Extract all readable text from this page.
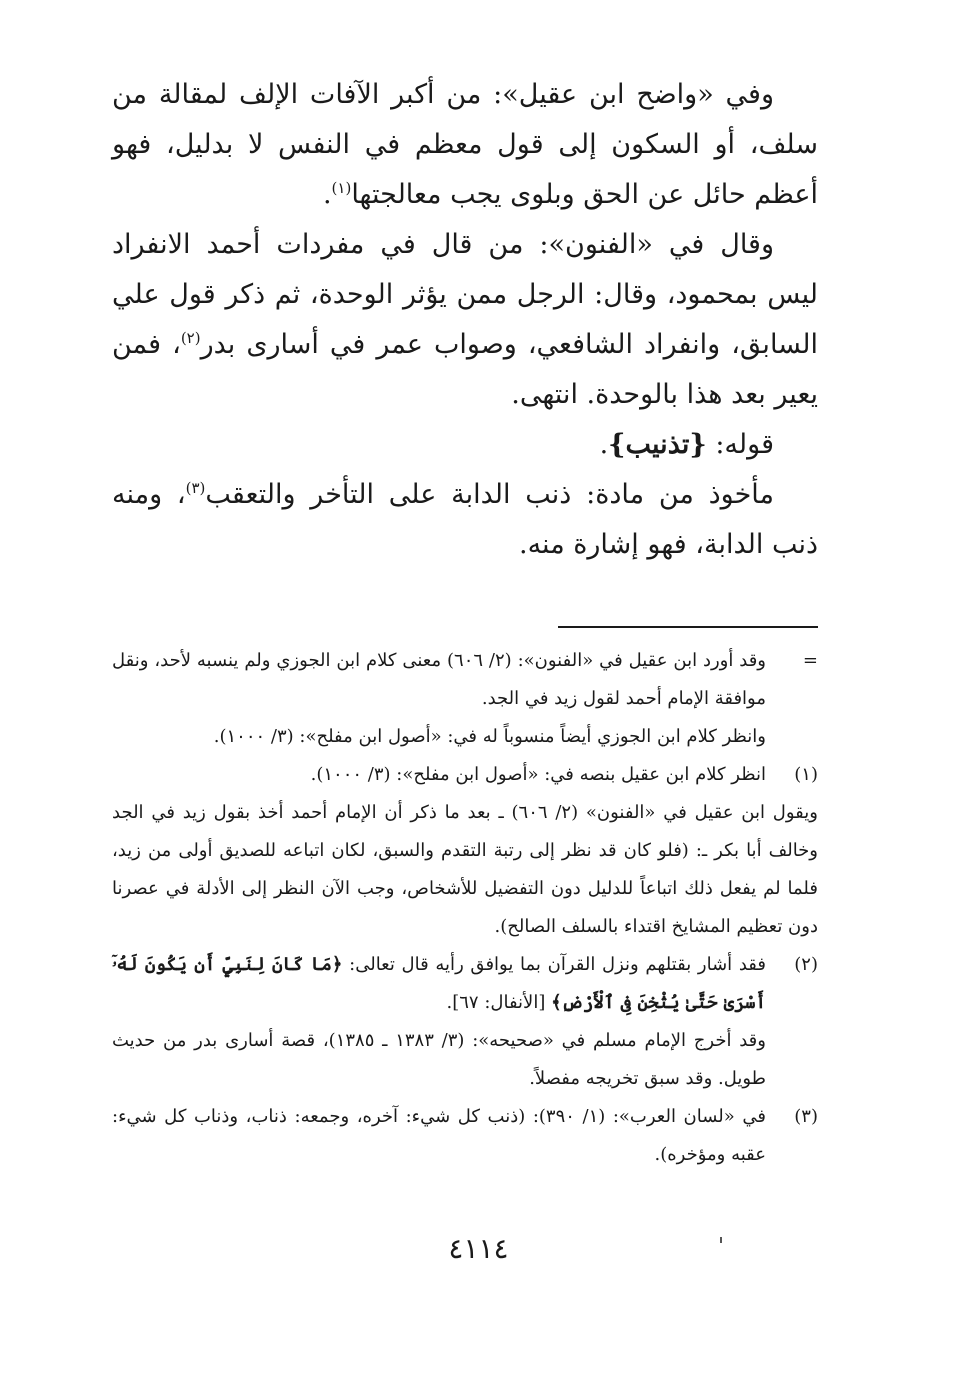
وفي «واضح ابن عقيل»: من أكبر الآفات الإلف لمقالة من سلف، أو السكون إلى قول معظم في النفس لا بدليل، فهو أعظم حائل عن الحق وبلوى يجب معالجتها$^{(١)}$.

وقال في «الفنون»: من قال في مفردات أحمد الانفراد ليس بمحمود، وقال: الرجل ممن يؤثر الوحدة، ثم ذكر قول علي السابق، وانفراد الشافعي، وصواب عمر في أسارى بدر$^{(٢)}$، فمن يعير بعد هذا بالوحدة. انتهى.

قوله: {تذنيب}.

مأخوذ من مادة: ذنب الدابة على التأخر والتعقب$^{(٣)}$، ومنه ذنب الدابة، فهو إشارة منه.

=
وقد أورد ابن عقيل في «الفنون»: (٢/ ٦٠٦) معنى كلام ابن الجوزي ولم ينسبه لأحد، ونقل موافقة الإمام أحمد لقول زيد في الجد.

وانظر كلام ابن الجوزي أيضاً منسوباً له في: «أصول ابن مفلح»: (٣/ ١٠٠٠).

(١)
انظر كلام ابن عقيل بنصه في: «أصول ابن مفلح»: (٣/ ١٠٠٠).

ويقول ابن عقيل في «الفنون» (٢/ ٦٠٦) ـ بعد ما ذكر أن الإمام أحمد أخذ بقول زيد في الجد وخالف أبا بكر ـ: (فلو كان قد نظر إلى رتبة التقدم والسبق، لكان اتباعه للصديق أولى من زيد، فلما لم يفعل ذلك اتباعاً للدليل دون التفضيل للأشخاص، وجب الآن النظر إلى الأدلة في عصرنا دون تعظيم المشايخ اقتداء بالسلف الصالح).

(٢)
فقد أشار بقتلهم ونزل القرآن بما يوافق رأيه قال تعالى: ﴿مَا كَانَ لِنَبِيٍّ أَن يَكُونَ لَهُۥٓ أَسْرَىٰ حَتَّىٰ يُثْخِنَ فِى ٱلْأَرْضِ﴾ [الأنفال: ٦٧].

وقد أخرج الإمام مسلم في «صحيحه»: (٣/ ١٣٨٣ ـ ١٣٨٥)، قصة أسارى بدر من حديث طويل. وقد سبق تخريجه مفصلاً.

(٣)
في «لسان العرب»: (١/ ٣٩٠): (ذنب كل شيء: آخره، وجمعه: ذناب، وذناب كل شيء: عقبه ومؤخره).
٤١١٤
